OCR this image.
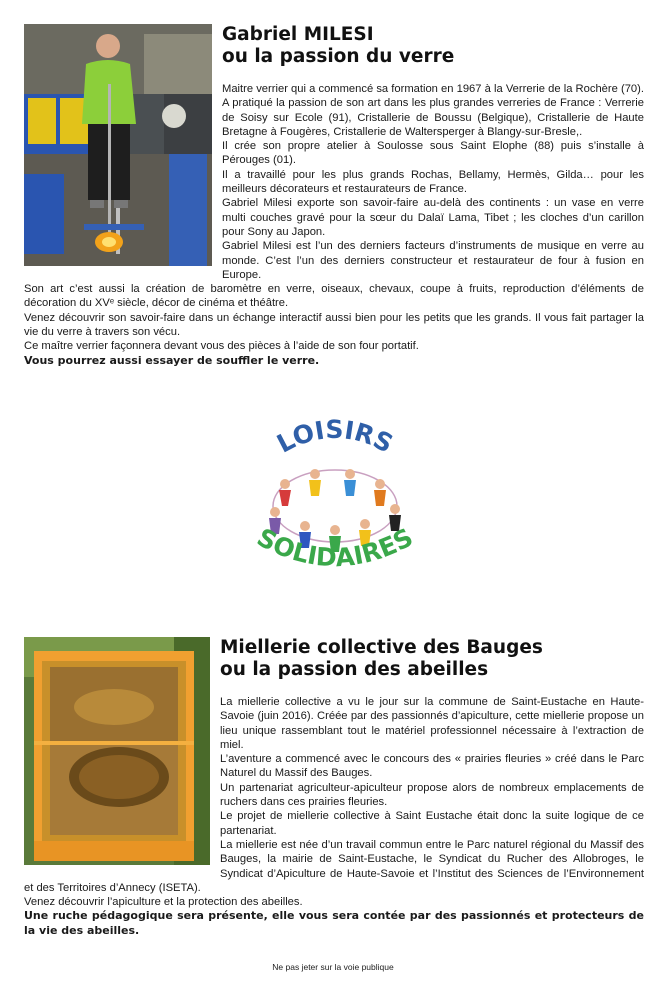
Gabriel MILESI
ou la passion du verre

Maitre verrier qui a commencé sa formation en 1967 à la Verrerie de la Rochère (70). A pratiqué la passion de son art dans les plus grandes verreries de France : Verrerie de Soisy sur Ecole (91), Cristallerie de Boussu (Belgique), Cristallerie de Haute Bretagne à Fougères, Cristallerie de Waltersperger à Blangy-sur-Bresle,.

Il crée son propre atelier à Soulosse sous Saint Elophe (88) puis s’installe à Pérouges (01).

Il a travaillé pour les plus grands Rochas, Bellamy, Hermès, Gilda… pour les meilleurs décorateurs et restaurateurs de France.

Gabriel Milesi exporte son savoir-faire au-delà des continents : un vase en verre multi couches gravé pour la sœur du Dalaï Lama, Tibet ; les cloches d’un carillon pour Sony au Japon.

Gabriel Milesi est l’un des derniers facteurs d’instruments de musique en verre au monde. C’est l’un des derniers constructeur et restaurateur de four à fusion en Europe.

Son art c’est aussi la création de baromètre en verre, oiseaux, chevaux, coupe à fruits, reproduction d’éléments de décoration du XVᵉ siècle, décor de cinéma et théâtre.

Venez découvrir son savoir-faire dans un échange interactif aussi bien pour les petits que les grands. Il vous fait partager la vie du verre à travers son vécu.

Ce maître verrier façonnera devant vous des pièces à l’aide de son four portatif.

Vous pourrez aussi essayer de souffler le verre.

LOISIRS
SOLIDAIRES
Miellerie collective des Bauges
ou la passion des abeilles

La miellerie collective a vu le jour sur la commune de Saint-Eustache en Haute-Savoie (juin 2016). Créée par des passionnés d’apiculture, cette miellerie propose un lieu unique rassemblant tout le matériel professionnel nécessaire à l’extraction de miel.

L’aventure a commencé avec le concours des « prairies fleuries » créé dans le Parc Naturel du Massif des Bauges.

Un partenariat agriculteur-apiculteur propose alors de nombreux emplacements de ruchers dans ces prairies fleuries.

Le projet de miellerie collective à Saint Eustache était donc la suite logique de ce partenariat.

La miellerie est née d’un travail commun entre le Parc naturel régional du Massif des Bauges, la mairie de Saint-Eustache, le Syndicat du Rucher des Allobroges, le Syndicat d’Apiculture de Haute-Savoie et l’Institut des Sciences de l’Environnement et des Territoires d’Annecy (ISETA).

Venez découvrir l’apiculture et la protection des abeilles.

Une ruche pédagogique sera présente, elle vous sera contée par des passionnés et protecteurs de la vie des abeilles.

Ne pas jeter sur la voie publique
